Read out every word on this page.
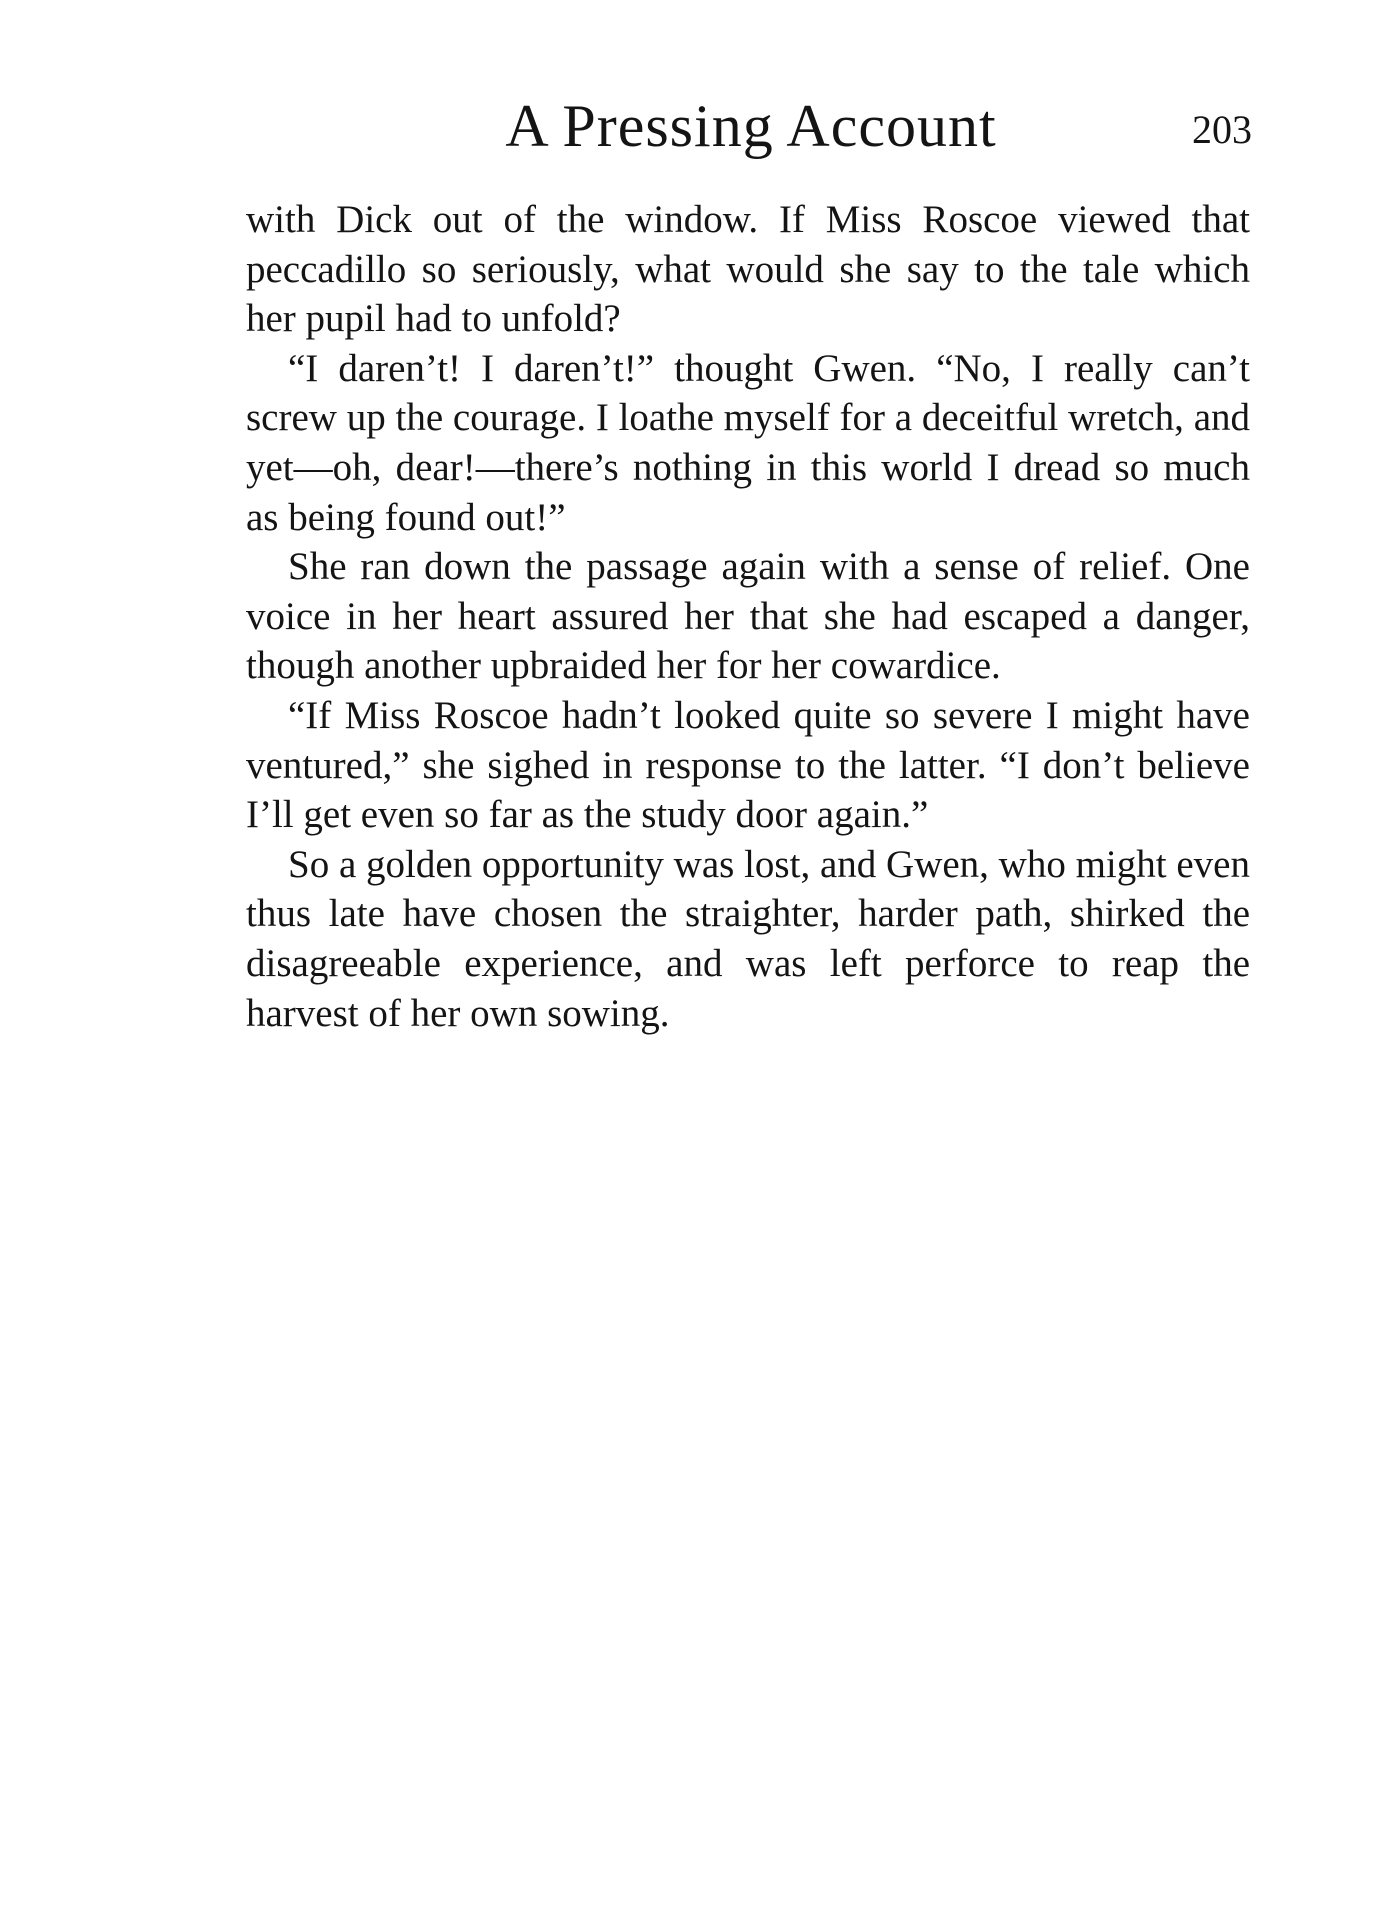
A Pressing Account	203

with Dick out of the window. If Miss Roscoe viewed that peccadillo so seriously, what would she say to the tale which her pupil had to unfold?

“I daren’t! I daren’t!” thought Gwen. “No, I really can’t screw up the courage. I loathe myself for a deceitful wretch, and yet—oh, dear!—there’s nothing in this world I dread so much as being found out!”

She ran down the passage again with a sense of relief. One voice in her heart assured her that she had escaped a danger, though another upbraided her for her cowardice.

“If Miss Roscoe hadn’t looked quite so severe I might have ventured,” she sighed in response to the latter. “I don’t believe I’ll get even so far as the study door again.”

So a golden opportunity was lost, and Gwen, who might even thus late have chosen the straighter, harder path, shirked the disagreeable experience, and was left perforce to reap the harvest of her own sowing.
